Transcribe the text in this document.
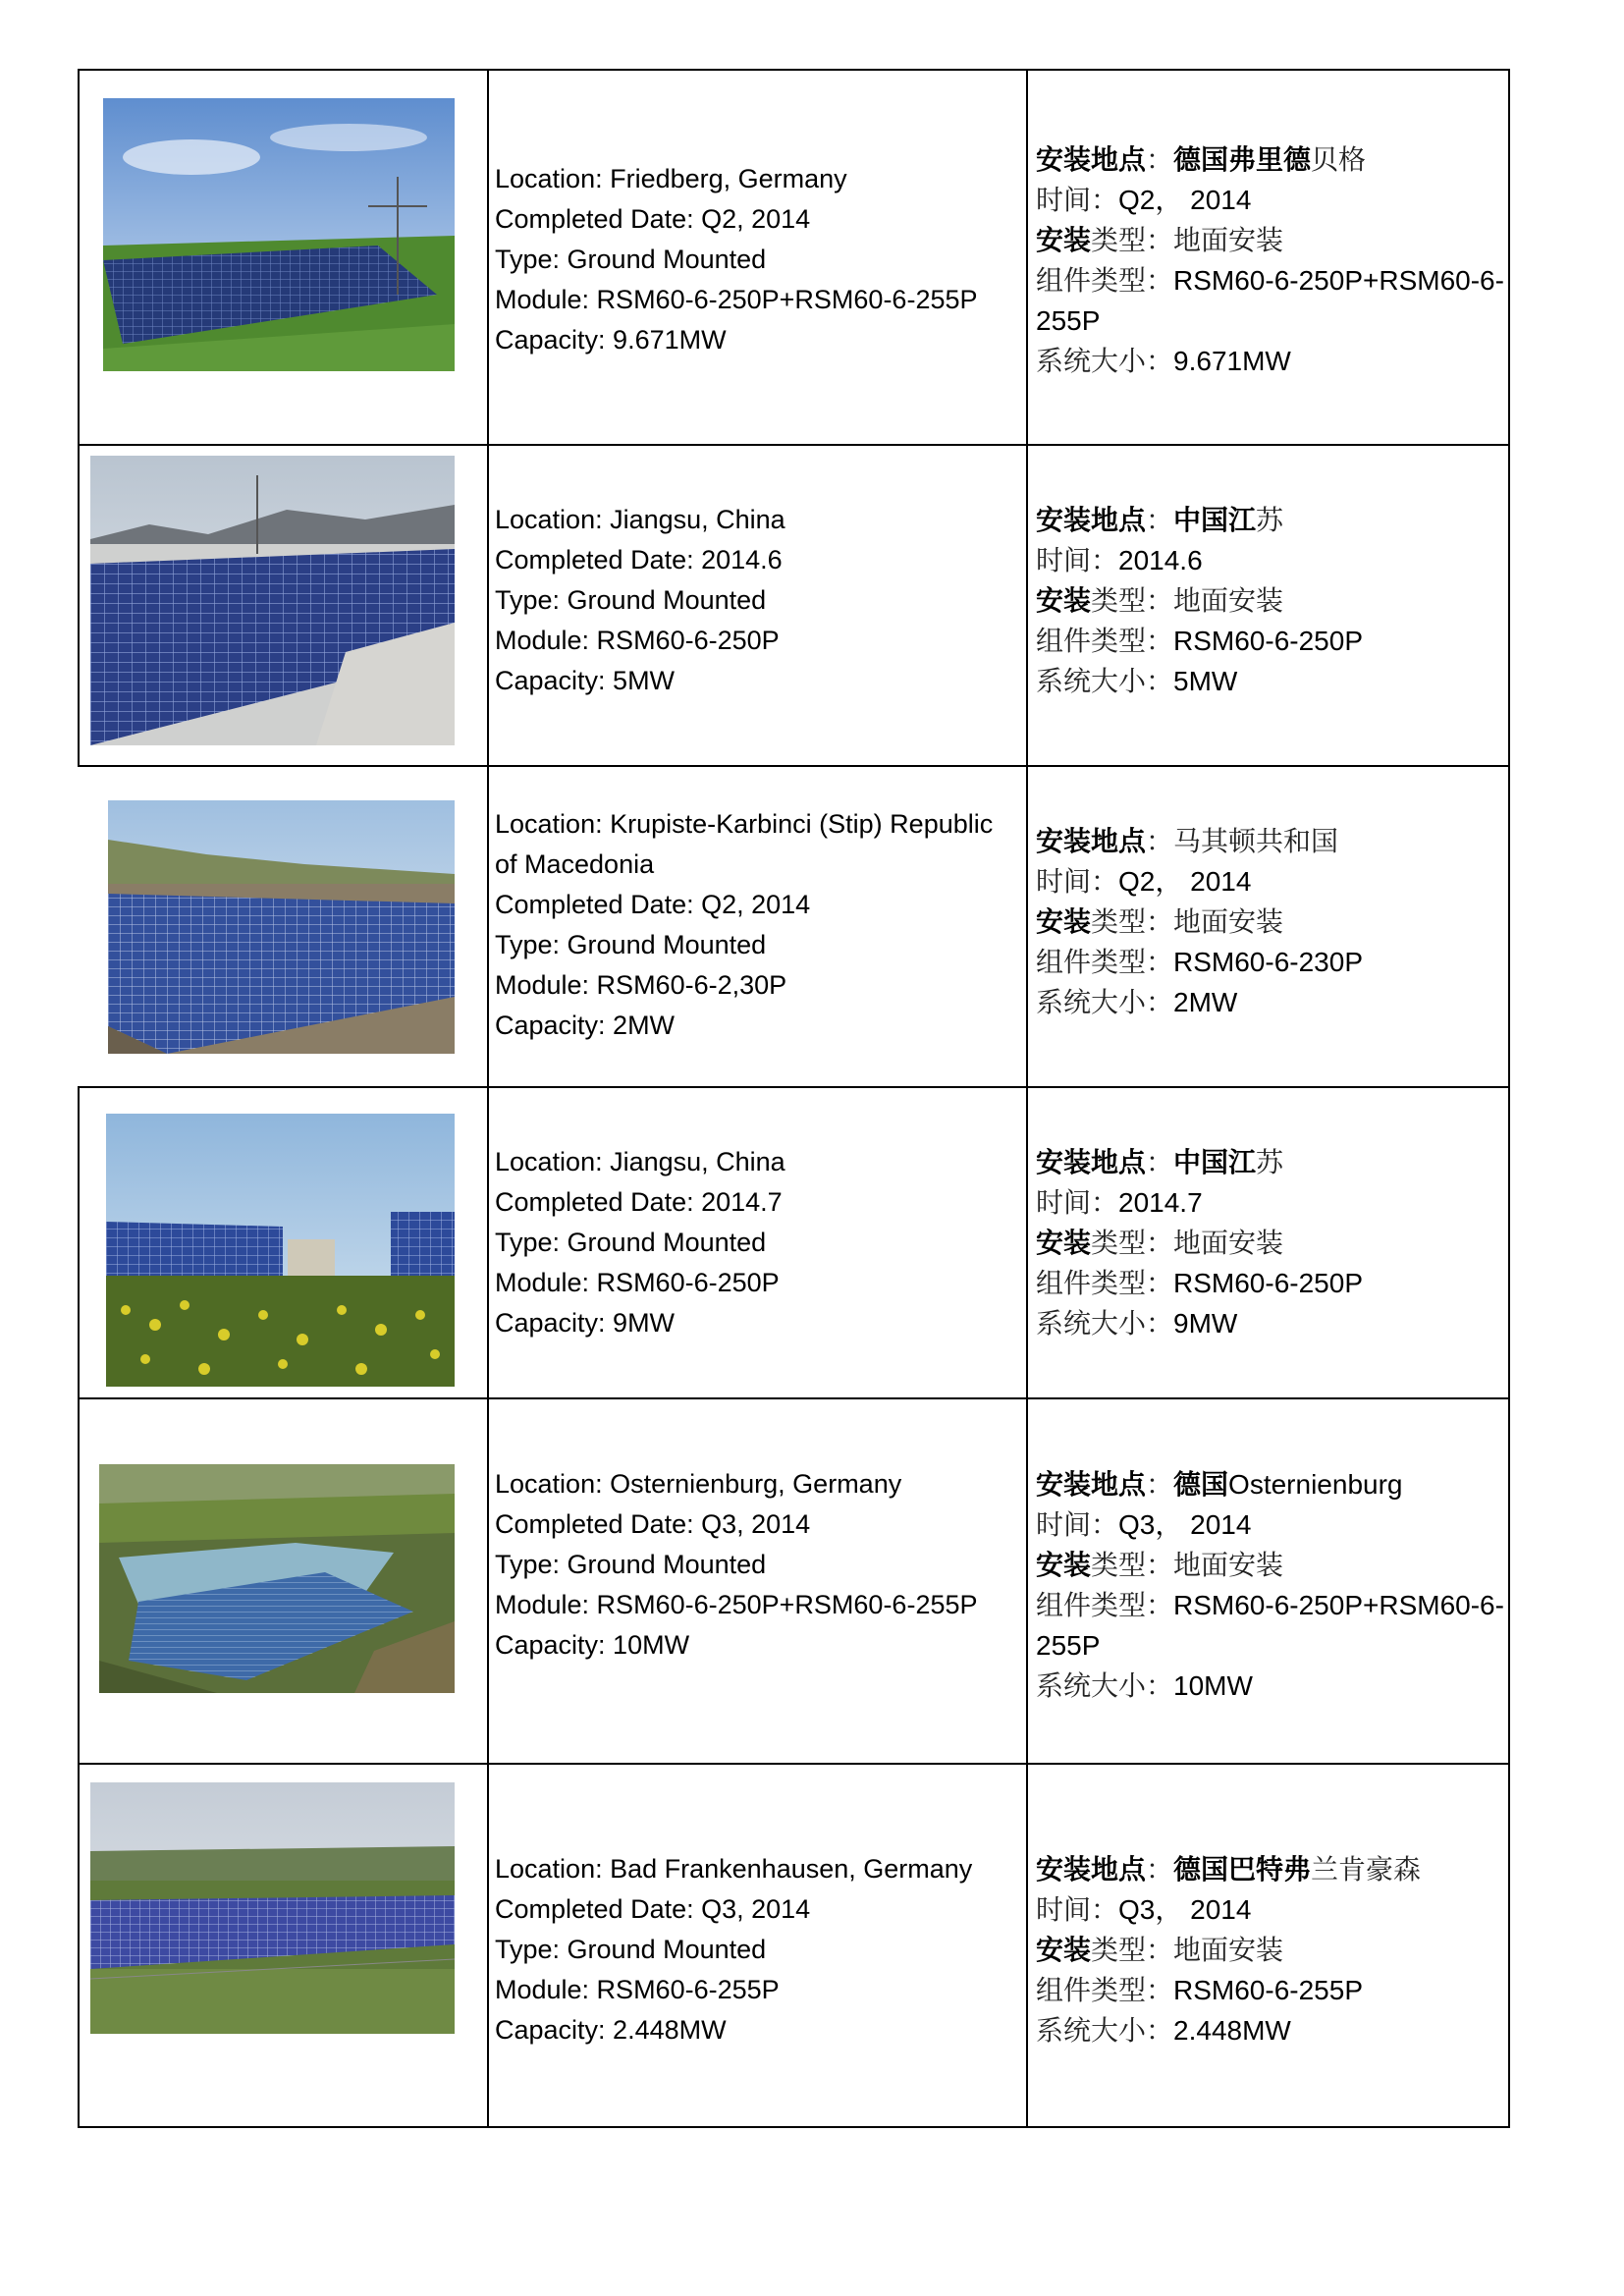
Location: Friedberg, Germany
Completed Date: Q2, 2014
Type: Ground Mounted
Module: RSM60-6-250P+RSM60-6-255P
Capacity: 9.671MW
安装地点：德国弗里德贝格
时间：Q2， 2014
安装类型：地面安装
组件类型：RSM60-6-250P+RSM60-6-
255P
系统大小：9.671MW
Location: Jiangsu, China
Completed Date: 2014.6
Type: Ground Mounted
Module: RSM60-6-250P
Capacity: 5MW
安装地点：中国江苏
时间：2014.6
安装类型：地面安装
组件类型：RSM60-6-250P
系统大小：5MW
Location: Krupiste-Karbinci (Stip) Republic
of Macedonia
Completed Date: Q2, 2014
Type: Ground Mounted
Module: RSM60-6-2,30P
Capacity: 2MW
安装地点：马其顿共和国
时间：Q2， 2014
安装类型：地面安装
组件类型：RSM60-6-230P
系统大小：2MW
Location: Jiangsu, China
Completed Date: 2014.7
Type: Ground Mounted
Module: RSM60-6-250P
Capacity: 9MW
安装地点：中国江苏
时间：2014.7
安装类型：地面安装
组件类型：RSM60-6-250P
系统大小：9MW
Location: Osternienburg, Germany
Completed Date: Q3, 2014
Type: Ground Mounted
Module: RSM60-6-250P+RSM60-6-255P
Capacity: 10MW
安装地点：德国Osternienburg
时间：Q3， 2014
安装类型：地面安装
组件类型：RSM60-6-250P+RSM60-6-
255P
系统大小：10MW
Location: Bad Frankenhausen, Germany
Completed Date: Q3, 2014
Type: Ground Mounted
Module: RSM60-6-255P
Capacity: 2.448MW
安装地点：德国巴特弗兰肯豪森
时间：Q3， 2014
安装类型：地面安装
组件类型：RSM60-6-255P
系统大小：2.448MW
